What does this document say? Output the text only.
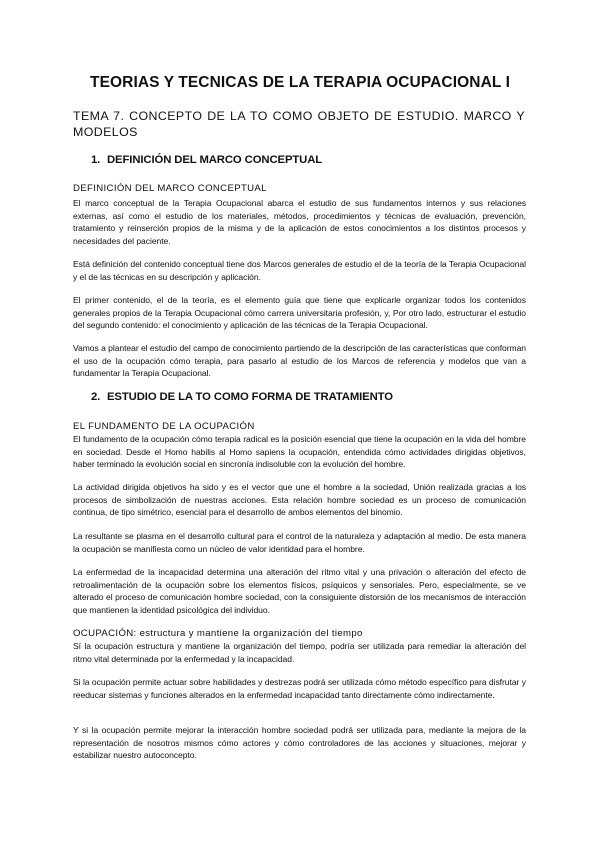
TEORIAS Y TECNICAS DE LA TERAPIA OCUPACIONAL I

TEMA 7. CONCEPTO DE LA TO COMO OBJETO DE ESTUDIO. MARCO Y MODELOS

1. DEFINICIÓN DEL MARCO CONCEPTUAL

DEFINICIÓN DEL MARCO CONCEPTUAL

El marco conceptual de la Terapia Ocupacional abarca el estudio de sus fundamentos internos y sus relaciones externas, así como el estudio de los materiales, métodos, procedimientos y técnicas de evaluación, prevención, tratamiento y reinserción propios de la misma y de la aplicación de estos conocimientos a los distintos procesos y necesidades del paciente.

Está definición del contenido conceptual tiene dos Marcos generales de estudio el de la teoría de la Terapia Ocupacional y el de las técnicas en su descripción y aplicación.

El primer contenido, el de la teoría, es el elemento guía que tiene que explicarle organizar todos los contenidos generales propios de la Terapia Ocupacional cómo carrera universitaria profesión, y, Por otro lado, estructurar el estudio del segundo contenido: el conocimiento y aplicación de las técnicas de la Terapia Ocupacional.

Vamos a plantear el estudio del campo de conocimiento partiendo de la descripción de las características que conforman el uso de la ocupación cómo terapia, para pasarlo al estudio de los Marcos de referencia y modelos que van a fundamentar la Terapia Ocupacional.

2. ESTUDIO DE LA TO COMO FORMA DE TRATAMIENTO

EL FUNDAMENTO DE LA OCUPACIÓN

El fundamento de la ocupación cómo terapia radical es la posición esencial que tiene la ocupación en la vida del hombre en sociedad. Desde el Homo habilis al Homo sapiens la ocupación, entendida cómo actividades dirigidas objetivos, haber terminado la evolución social en sincronía indisoluble con la evolución del hombre.

La actividad dirigida objetivos ha sido y es el vector que une el hombre a la sociedad, Unión realizada gracias a los procesos de simbolización de nuestras acciones. Esta relación hombre sociedad es un proceso de comunicación continua, de tipo simétrico, esencial para el desarrollo de ambos elementos del binomio.

La resultante se plasma en el desarrollo cultural para el control de la naturaleza y adaptación al medio. De esta manera la ocupación se manifiesta como un núcleo de valor identidad para el hombre.

La enfermedad de la incapacidad determina una alteración del ritmo vital y una privación o alteración del efecto de retroalimentación de la ocupación sobre los elementos físicos, psíquicos y sensoriales. Pero, especialmente, se ve alterado el proceso de comunicación hombre sociedad, con la consiguiente distorsión de los mecanismos de interacción que mantienen la identidad psicológica del individuo.

OCUPACIÓN: estructura y mantiene la organización del tiempo

Sí la ocupación estructura y mantiene la organización del tiempo, podría ser utilizada para remediar la alteración del ritmo vital determinada por la enfermedad y la incapacidad.

Si la ocupación permite actuar sobre habilidades y destrezas podrá ser utilizada cómo método específico para disfrutar y reeducar sistemas y funciones alterados en la enfermedad incapacidad tanto directamente cómo indirectamente.

Y si la ocupación permite mejorar la interacción hombre sociedad podrá ser utilizada para, mediante la mejora de la representación de nosotros mismos cómo actores y cómo controladores de las acciones y situaciones, mejorar y estabilizar nuestro autoconcepto.
